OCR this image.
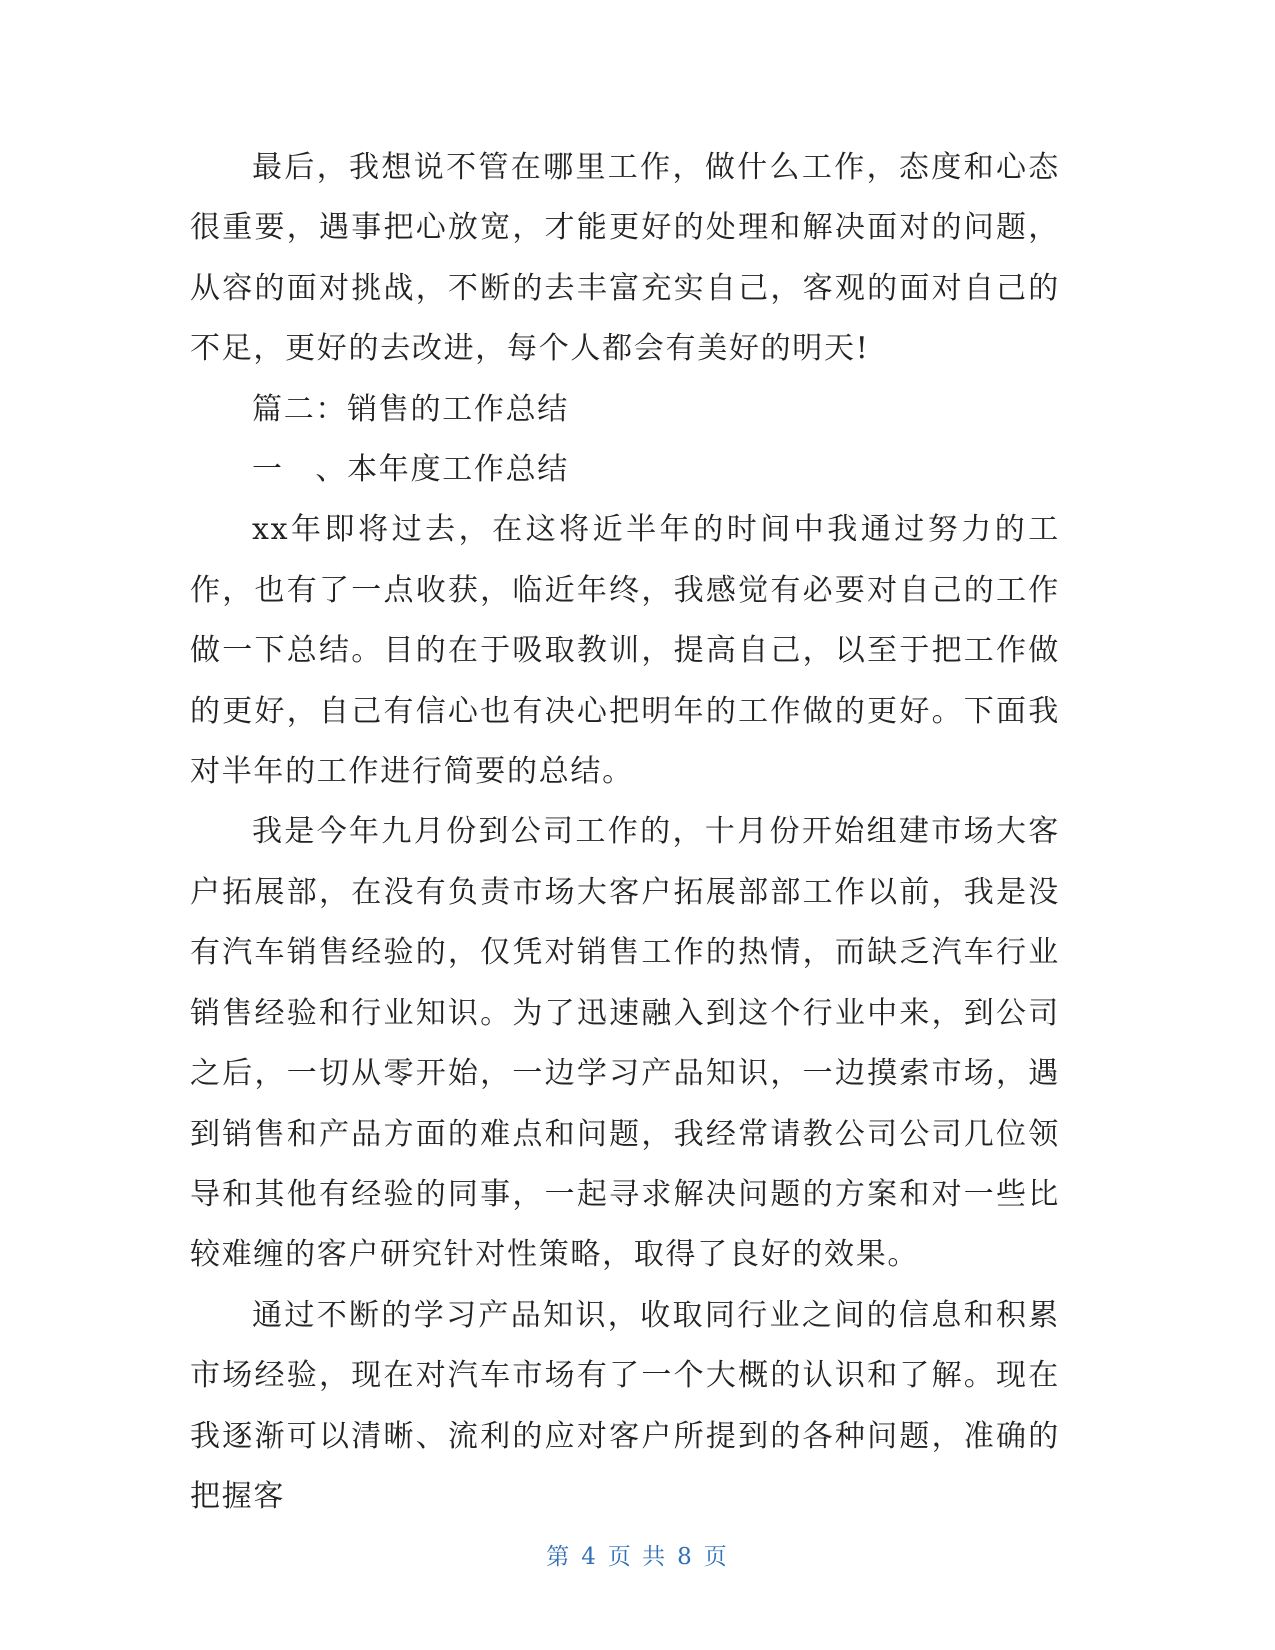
最后，我想说不管在哪里工作，做什么工作，态度和心态很重要，遇事把心放宽，才能更好的处理和解决面对的问题，从容的面对挑战，不断的去丰富充实自己，客观的面对自己的不足，更好的去改进，每个人都会有美好的明天!

篇二：销售的工作总结

一　、本年度工作总结

xx年即将过去，在这将近半年的时间中我通过努力的工作，也有了一点收获，临近年终，我感觉有必要对自己的工作做一下总结。目的在于吸取教训，提高自己，以至于把工作做的更好，自己有信心也有决心把明年的工作做的更好。下面我对半年的工作进行简要的总结。

我是今年九月份到公司工作的，十月份开始组建市场大客户拓展部，在没有负责市场大客户拓展部部工作以前，我是没有汽车销售经验的，仅凭对销售工作的热情，而缺乏汽车行业销售经验和行业知识。为了迅速融入到这个行业中来，到公司之后，一切从零开始，一边学习产品知识，一边摸索市场，遇到销售和产品方面的难点和问题，我经常请教公司公司几位领导和其他有经验的同事，一起寻求解决问题的方案和对一些比较难缠的客户研究针对性策略，取得了良好的效果。

通过不断的学习产品知识，收取同行业之间的信息和积累市场经验，现在对汽车市场有了一个大概的认识和了解。现在我逐渐可以清晰、流利的应对客户所提到的各种问题，准确的把握客

第 4 页 共 8 页
